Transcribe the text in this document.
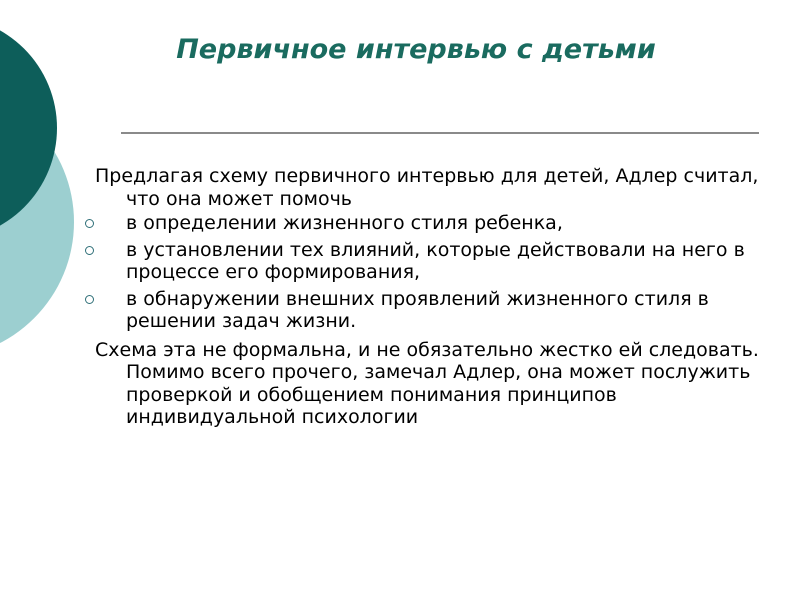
Первичное интервью с детьми

Предлагая схему первичного интервью для детей, Адлер считал, что она может помочь

в определении жизненного стиля ребенка,
в установлении тех влияний, которые действовали на него в процессе его формирования,
в обнаружении внешних проявлений жизненного стиля в решении задач жизни.

Схема эта не формальна, и не обязательно жестко ей следовать. Помимо всего прочего, замечал Адлер, она может послужить проверкой и обобщением понимания принципов индивидуальной психологии
